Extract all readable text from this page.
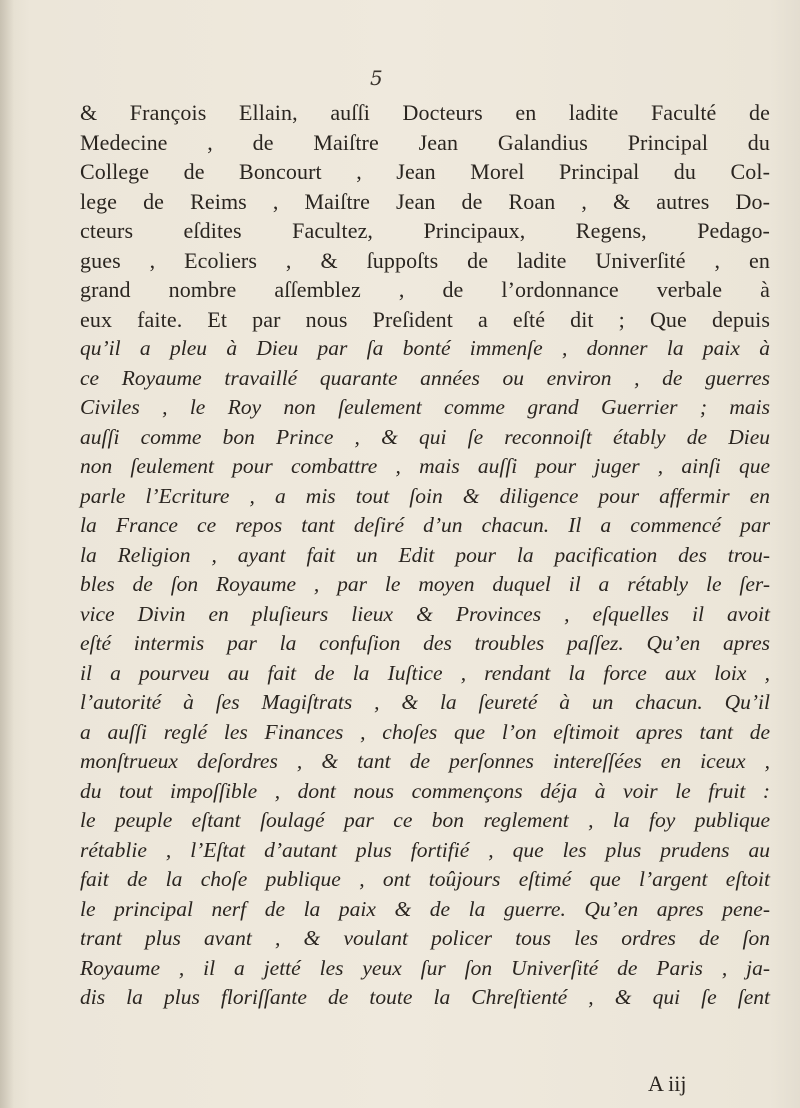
5
& François Ellain, auſſi Docteurs en ladite Faculté de
Medecine , de Maiſtre Jean Galandius Principal du
College de Boncourt , Jean Morel Principal du Col-
lege de Reims , Maiſtre Jean de Roan , & autres Do-
cteurs eſdites Facultez, Principaux, Regens, Pedago-
gues , Ecoliers , & ſuppoſts de ladite Univerſité , en
grand nombre aſſemblez , de l’ordonnance verbale à
eux faite. Et par nous Preſident a eſté dit ; Que depuis
qu’il a pleu à Dieu par ſa bonté immenſe , donner la paix à
ce Royaume travaillé quarante années ou environ , de guerres
Civiles , le Roy non ſeulement comme grand Guerrier ; mais
auſſi comme bon Prince , & qui ſe reconnoiſt étably de Dieu
non ſeulement pour combattre , mais auſſi pour juger , ainſi que
parle l’Ecriture , a mis tout ſoin & diligence pour affermir en
la France ce repos tant deſiré d’un chacun. Il a commencé par
la Religion , ayant fait un Edit pour la pacification des trou-
bles de ſon Royaume , par le moyen duquel il a rétably le ſer-
vice Divin en pluſieurs lieux & Provinces , eſquelles il avoit
eſté intermis par la confuſion des troubles paſſez. Qu’en apres
il a pourveu au fait de la Iuſtice , rendant la force aux loix ,
l’autorité à ſes Magiſtrats , & la ſeureté à un chacun. Qu’il
a auſſi reglé les Finances , choſes que l’on eſtimoit apres tant de
monſtrueux deſordres , & tant de perſonnes intereſſées en iceux ,
du tout impoſſible , dont nous commençons déja à voir le fruit :
le peuple eſtant ſoulagé par ce bon reglement , la foy publique
rétablie , l’Eſtat d’autant plus fortifié , que les plus prudens au
fait de la choſe publique , ont toûjours eſtimé que l’argent eſtoit
le principal nerf de la paix & de la guerre. Qu’en apres pene-
trant plus avant , & voulant policer tous les ordres de ſon
Royaume , il a jetté les yeux ſur ſon Univerſité de Paris , ja-
dis la plus floriſſante de toute la Chreſtienté , & qui ſe ſent
A iij
